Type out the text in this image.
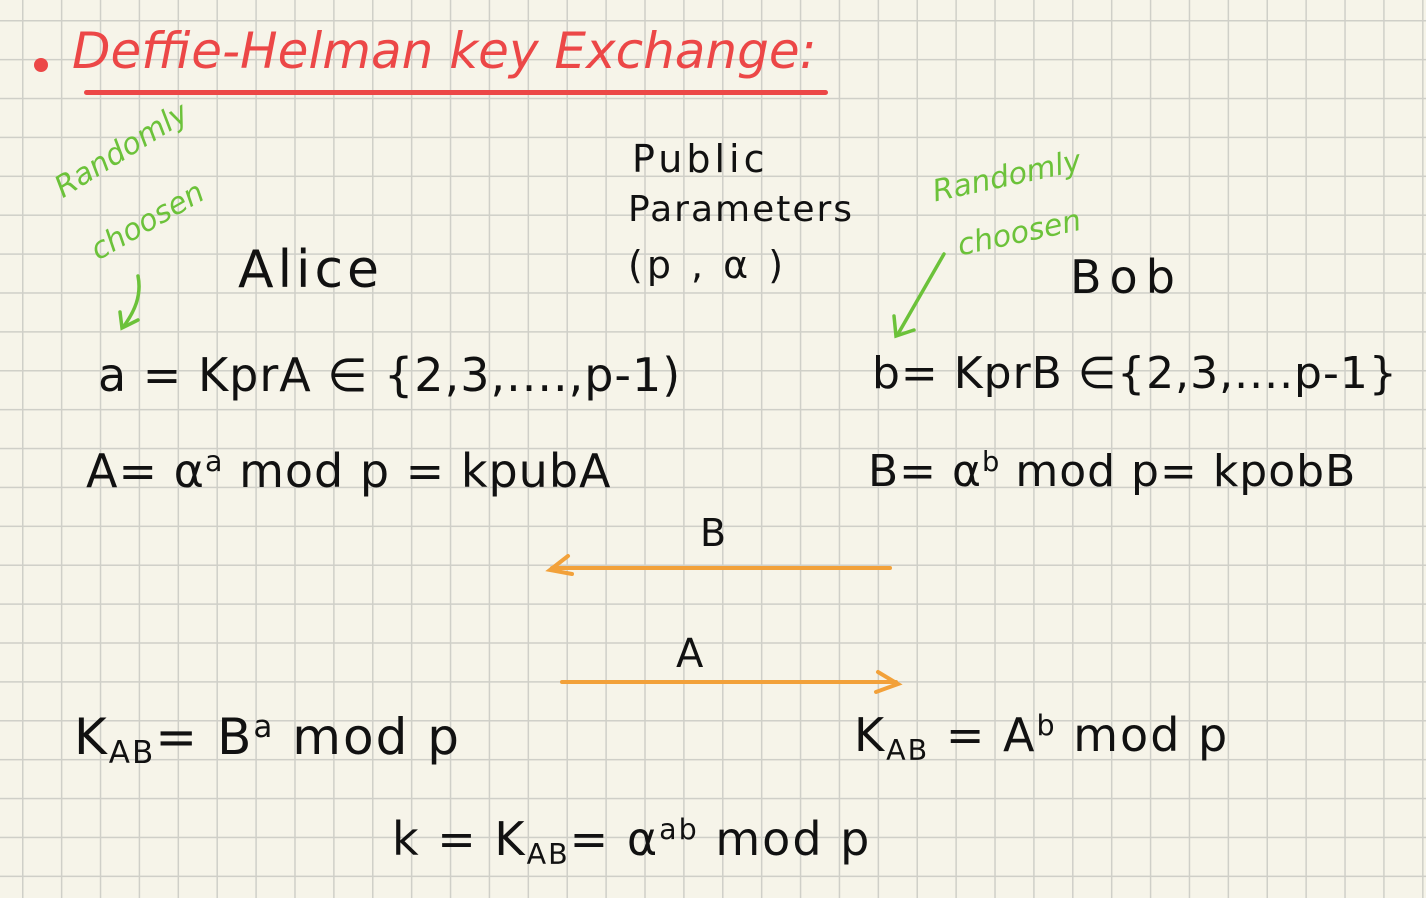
Deffie-Helman key Exchange:
Randomly
choosen	Randomly
choosen
Public
Parameters
(p , α )
Alice	Bob
a = KprA ∈ {2,3,....,p-1)
$A= \alpha^a$ mod p = kpubA
b= KprB ∈{2,3,....p-1}
$B= \alpha^b$ mod p= kpobB
B
A
$K_{AB}= B^a$ mod p	$K_{AB} = A^b$ mod p
$k = K_{AB}= \alpha^{ab}$ mod p
